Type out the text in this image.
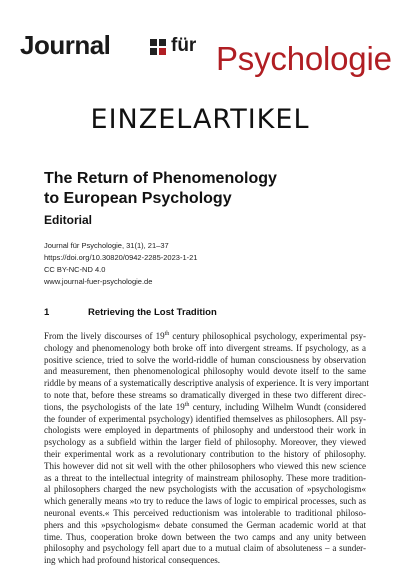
Journal	für Psychologie
EINZELARTIKEL
The Return of Phenomenology
to European Psychology
Editorial
Journal für Psychologie, 31(1), 21–37
https://doi.org/10.30820/0942-2285-2023-1-21
CC BY-NC-ND 4.0
www.journal-fuer-psychologie.de
1	Retrieving the Lost Tradition
From the lively discourses of 19th century philosophical psychology, experimental psy-
chology and phenomenology both broke off into divergent streams. If psychology, as a
positive science, tried to solve the world-riddle of human consciousness by observation
and measurement, then phenomenological philosophy would devote itself to the same
riddle by means of a systematically descriptive analysis of experience. It is very important
to note that, before these streams so dramatically diverged in these two different direc-
tions, the psychologists of the late 19th century, including Wilhelm Wundt (considered
the founder of experimental psychology) identified themselves as philosophers. All psy-
chologists were employed in departments of philosophy and understood their work in
psychology as a subfield within the larger field of philosophy. Moreover, they viewed
their experimental work as a revolutionary contribution to the history of philosophy.
This however did not sit well with the other philosophers who viewed this new science
as a threat to the intellectual integrity of mainstream philosophy. These more tradition-
al philosophers charged the new psychologists with the accusation of »psychologism«
which generally means »to try to reduce the laws of logic to empirical processes, such as
neuronal events.« This perceived reductionism was intolerable to traditional philoso-
phers and this »psychologism« debate consumed the German academic world at that
time. Thus, cooperation broke down between the two camps and any unity between
philosophy and psychology fell apart due to a mutual claim of absoluteness – a sunder-
ing which had profound historical consequences.
